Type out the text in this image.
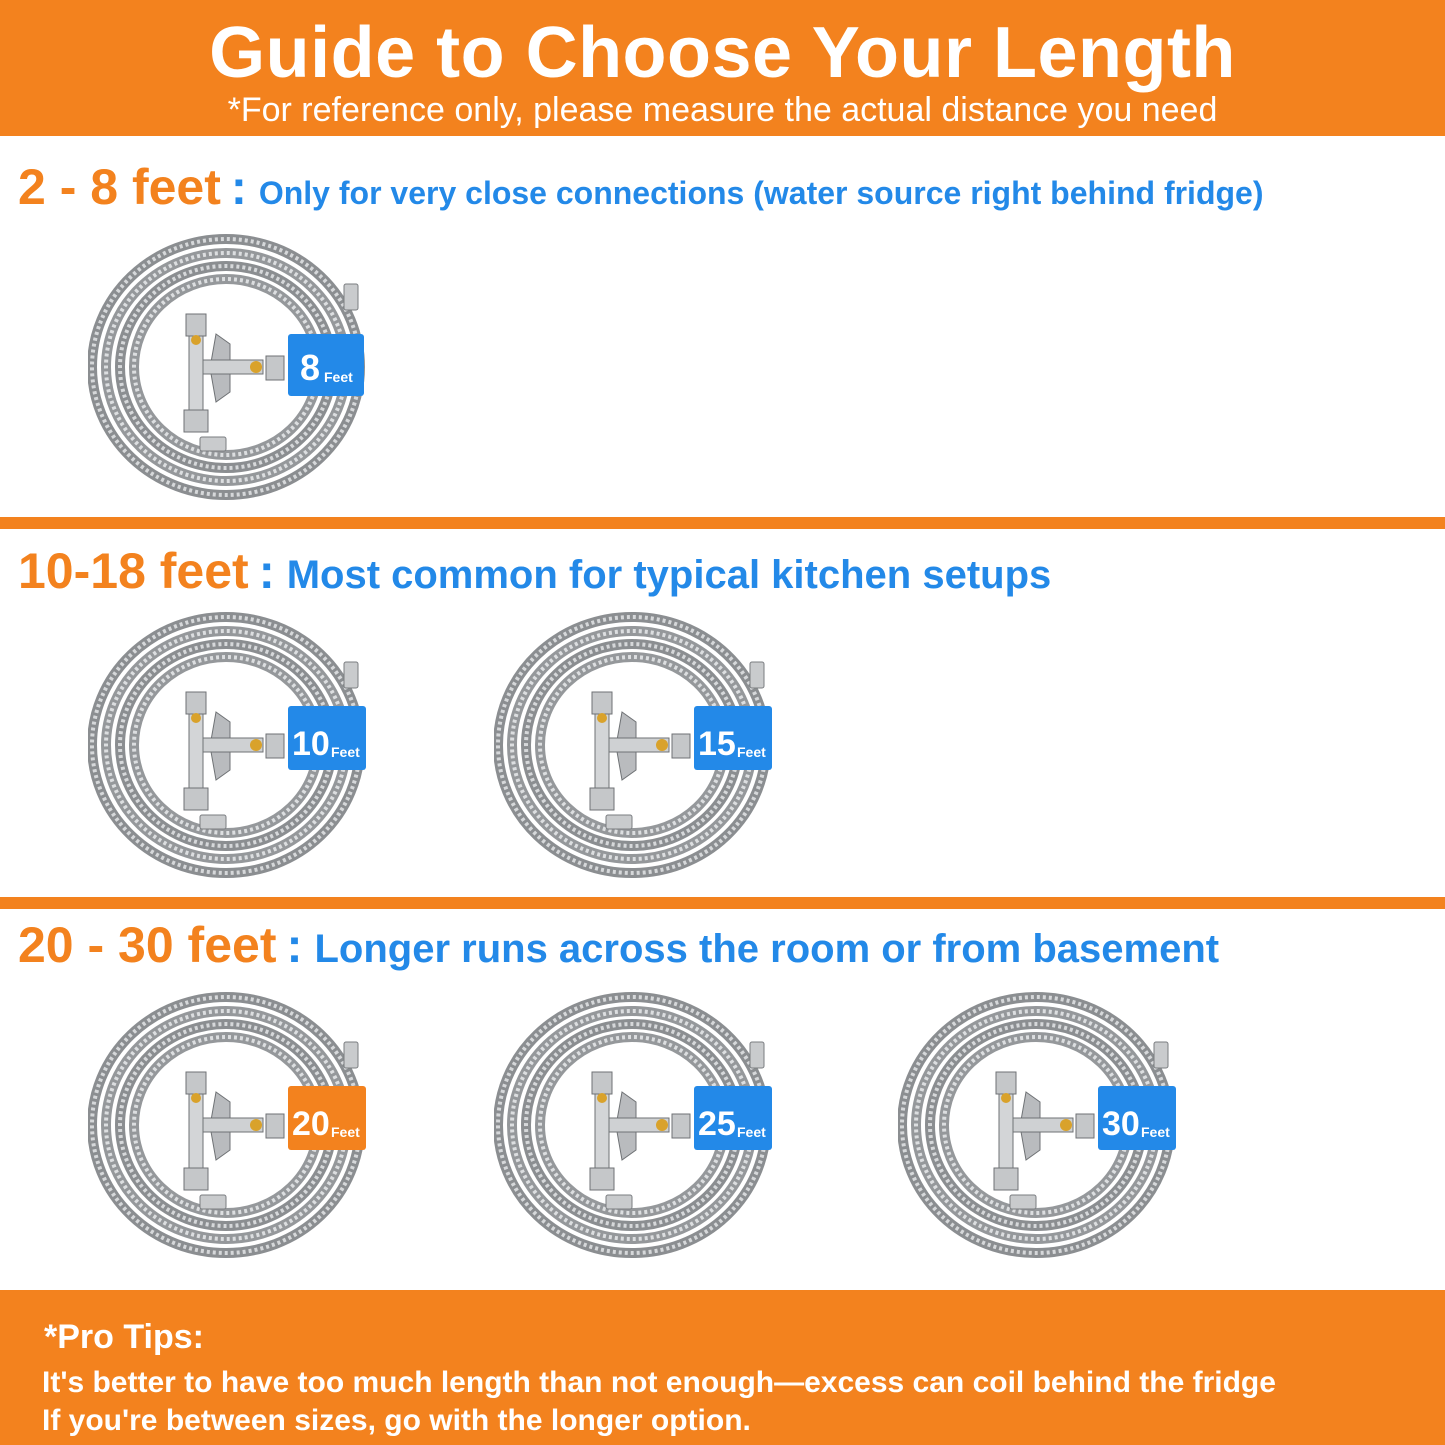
Guide to Choose Your Length
*For reference only, please measure the actual distance you need
2 - 8 feet : Only for very close connections (water source right behind fridge)
8 Feet
10-18 feet : Most common for typical kitchen setups
10 Feet	15 Feet
20 - 30 feet : Longer runs across the room or from basement
20 Feet	25 Feet	30 Feet
*Pro Tips:
It's better to have too much length than not enough—excess can coil behind the fridge
If you're between sizes, go with the longer option.
